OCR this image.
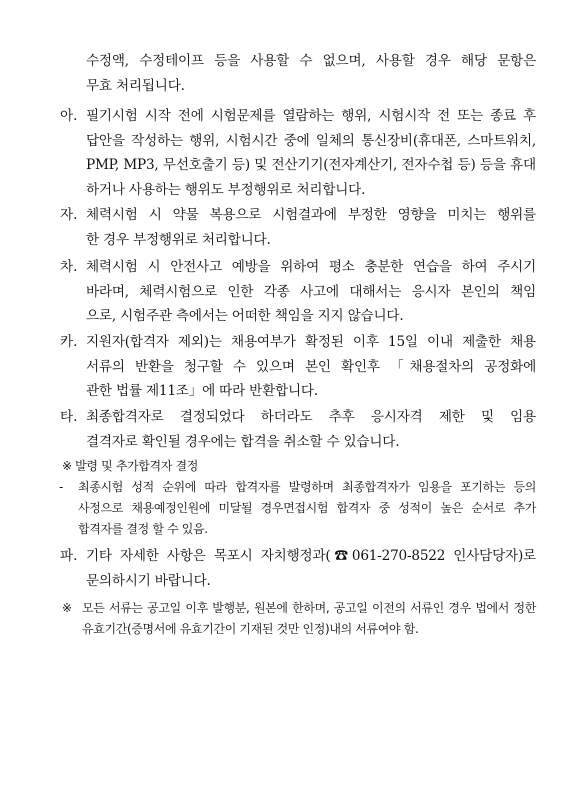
수정액, 수정테이프 등을 사용할 수 없으며, 사용할 경우 해당 문항은
무효 처리됩니다.
아. 필기시험 시작 전에 시험문제를 열람하는 행위, 시험시작 전 또는 종료 후
답안을 작성하는 행위, 시험시간 중에 일체의 통신장비(휴대폰, 스마트워치,
PMP, MP3, 무선호출기 등) 및 전산기기(전자계산기, 전자수첩 등) 등을 휴대
하거나 사용하는 행위도 부정행위로 처리합니다.
자. 체력시험 시 약물 복용으로 시험결과에 부정한 영향을 미치는 행위를
한 경우 부정행위로 처리합니다.
차. 체력시험 시 안전사고 예방을 위하여 평소 충분한 연습을 하여 주시기
바라며, 체력시험으로 인한 각종 사고에 대해서는 응시자 본인의 책임
으로, 시험주관 측에서는 어떠한 책임을 지지 않습니다.
카. 지원자(합격자 제외)는 채용여부가 확정된 이후 15일 이내 제출한 채용
서류의 반환을 청구할 수 있으며 본인 확인후 「채용절차의 공정화에
관한 법률 제11조」에 따라 반환합니다.
타. 최종합격자로 결정되었다 하더라도 추후 응시자격 제한 및 임용
결격자로 확인될 경우에는 합격을 취소할 수 있습니다.
※ 발령 및 추가합격자 결정
-	최종시험 성적 순위에 따라 합격자를 발령하며 최종합격자가 임용을 포기하는 등의
사정으로 채용예정인원에 미달될 경우면접시험 합격자 중 성적이 높은 순서로 추가
합격자를 결정 할 수 있음.
파. 기타 자세한 사항은 목포시 자치행정과(☎061-270-8522 인사담당자)로
문의하시기 바랍니다.
※ 모든 서류는 공고일 이후 발행분, 원본에 한하며, 공고일 이전의 서류인 경우 법에서 정한
유효기간(증명서에 유효기간이 기재된 것만 인정)내의 서류여야 함.
